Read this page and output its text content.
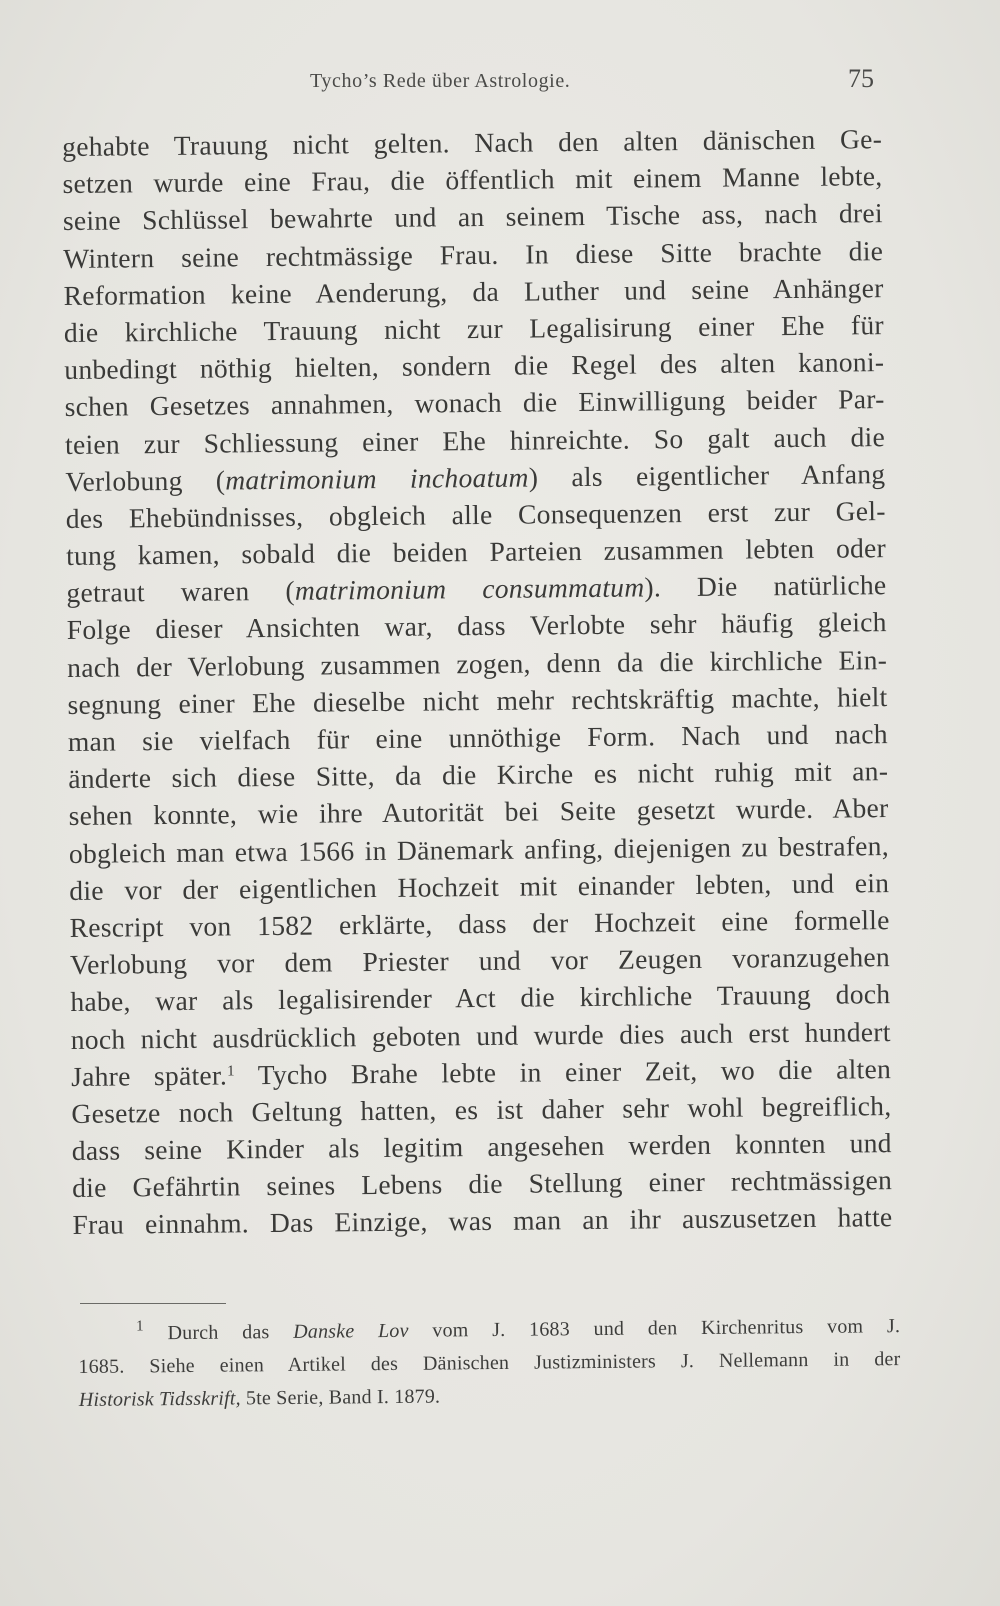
Tycho’s Rede über Astrologie.	75
gehabte Trauung nicht gelten. Nach den alten dänischen Ge-
setzen wurde eine Frau, die öffentlich mit einem Manne lebte,
seine Schlüssel bewahrte und an seinem Tische ass, nach drei
Wintern seine rechtmässige Frau. In diese Sitte brachte die
Reformation keine Aenderung, da Luther und seine Anhänger
die kirchliche Trauung nicht zur Legalisirung einer Ehe für
unbedingt nöthig hielten, sondern die Regel des alten kanoni-
schen Gesetzes annahmen, wonach die Einwilligung beider Par-
teien zur Schliessung einer Ehe hinreichte. So galt auch die
Verlobung (matrimonium inchoatum) als eigentlicher Anfang
des Ehebündnisses, obgleich alle Consequenzen erst zur Gel-
tung kamen, sobald die beiden Parteien zusammen lebten oder
getraut waren (matrimonium consummatum). Die natürliche
Folge dieser Ansichten war, dass Verlobte sehr häufig gleich
nach der Verlobung zusammen zogen, denn da die kirchliche Ein-
segnung einer Ehe dieselbe nicht mehr rechtskräftig machte, hielt
man sie vielfach für eine unnöthige Form. Nach und nach
änderte sich diese Sitte, da die Kirche es nicht ruhig mit an-
sehen konnte, wie ihre Autorität bei Seite gesetzt wurde. Aber
obgleich man etwa 1566 in Dänemark anfing, diejenigen zu bestrafen,
die vor der eigentlichen Hochzeit mit einander lebten, und ein
Rescript von 1582 erklärte, dass der Hochzeit eine formelle
Verlobung vor dem Priester und vor Zeugen voranzugehen
habe, war als legalisirender Act die kirchliche Trauung doch
noch nicht ausdrücklich geboten und wurde dies auch erst hundert
Jahre später.$^1$ Tycho Brahe lebte in einer Zeit, wo die alten
Gesetze noch Geltung hatten, es ist daher sehr wohl begreiflich,
dass seine Kinder als legitim angesehen werden konnten und
die Gefährtin seines Lebens die Stellung einer rechtmässigen
Frau einnahm. Das Einzige, was man an ihr auszusetzen hatte
$^1$ Durch das Danske Lov vom J. 1683 und den Kirchenritus vom J.
1685. Siehe einen Artikel des Dänischen Justizministers J. Nellemann in der
Historisk Tidsskrift, 5te Serie, Band I. 1879.
